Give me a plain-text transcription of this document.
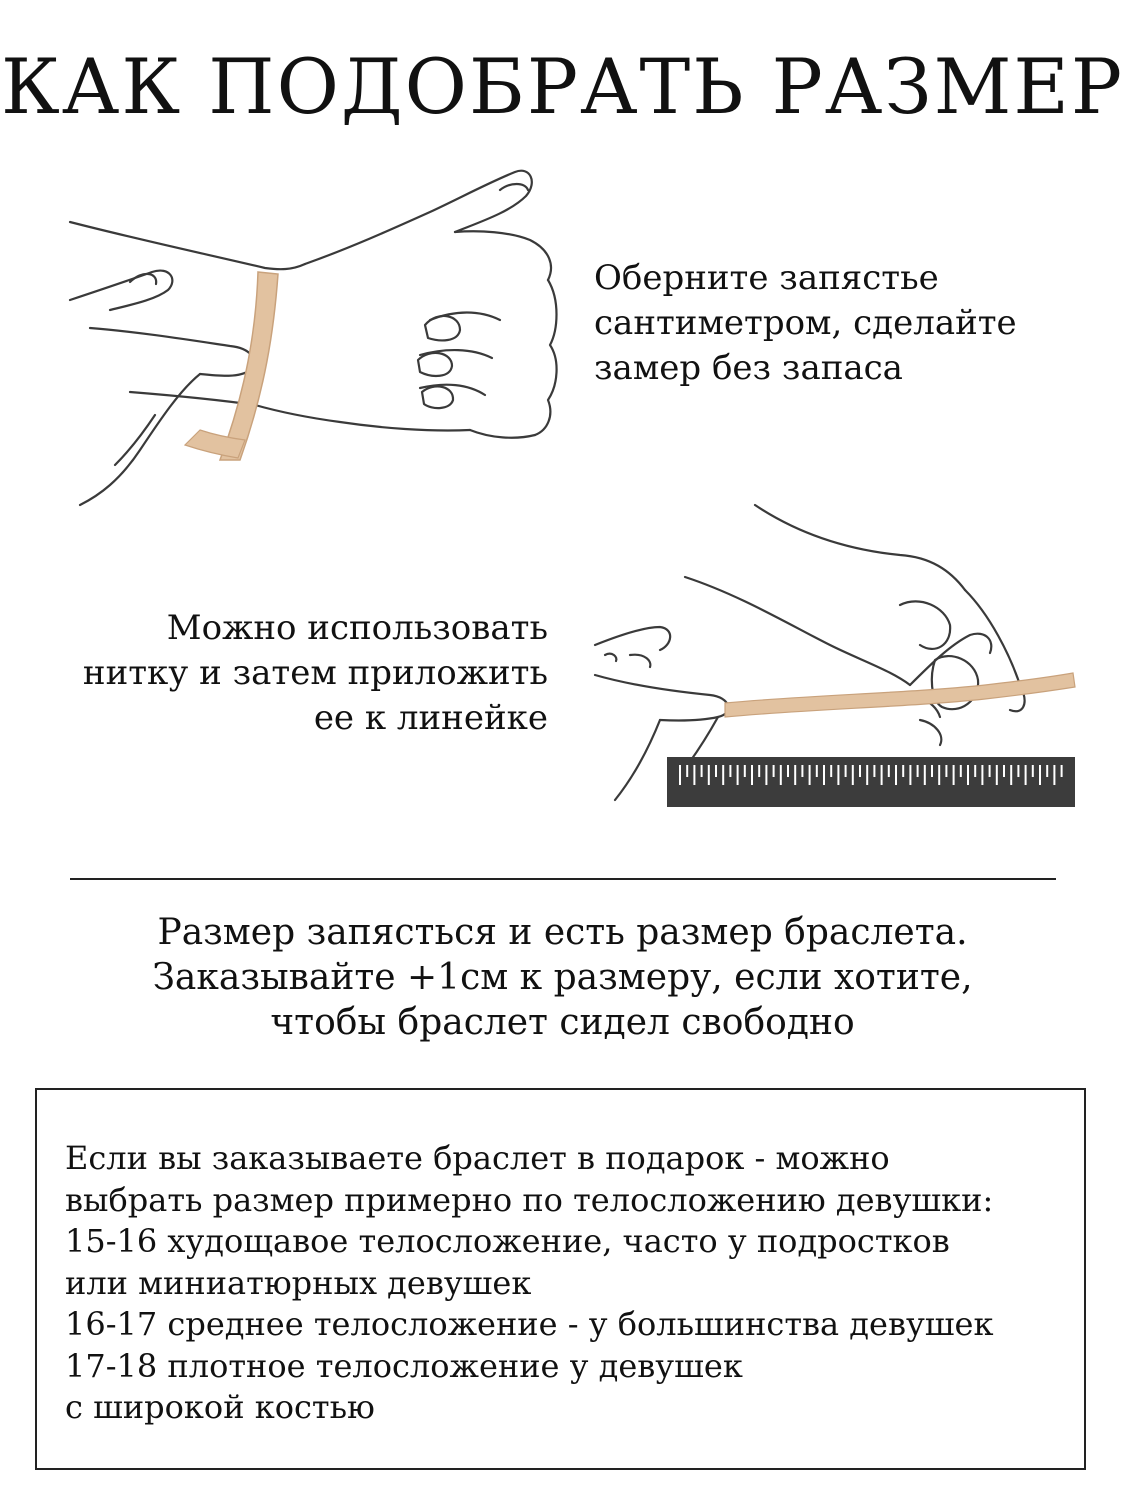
КАК ПОДОБРАТЬ РАЗМЕР
Оберните запястье
сантиметром, сделайте
замер без запаса
Можно использовать
нитку и затем приложить
ее к линейке
Размер запясться и есть размер браслета.
Заказывайте +1см к размеру, если хотите,
чтобы браслет сидел свободно
Если вы заказываете браслет в подарок - можно
выбрать размер примерно по телосложению девушки:
15-16 худощавое телосложение, часто у подростков
или миниатюрных девушек
16-17 среднее телосложение - у большинства девушек
17-18 плотное телосложение у девушек
с широкой костью
